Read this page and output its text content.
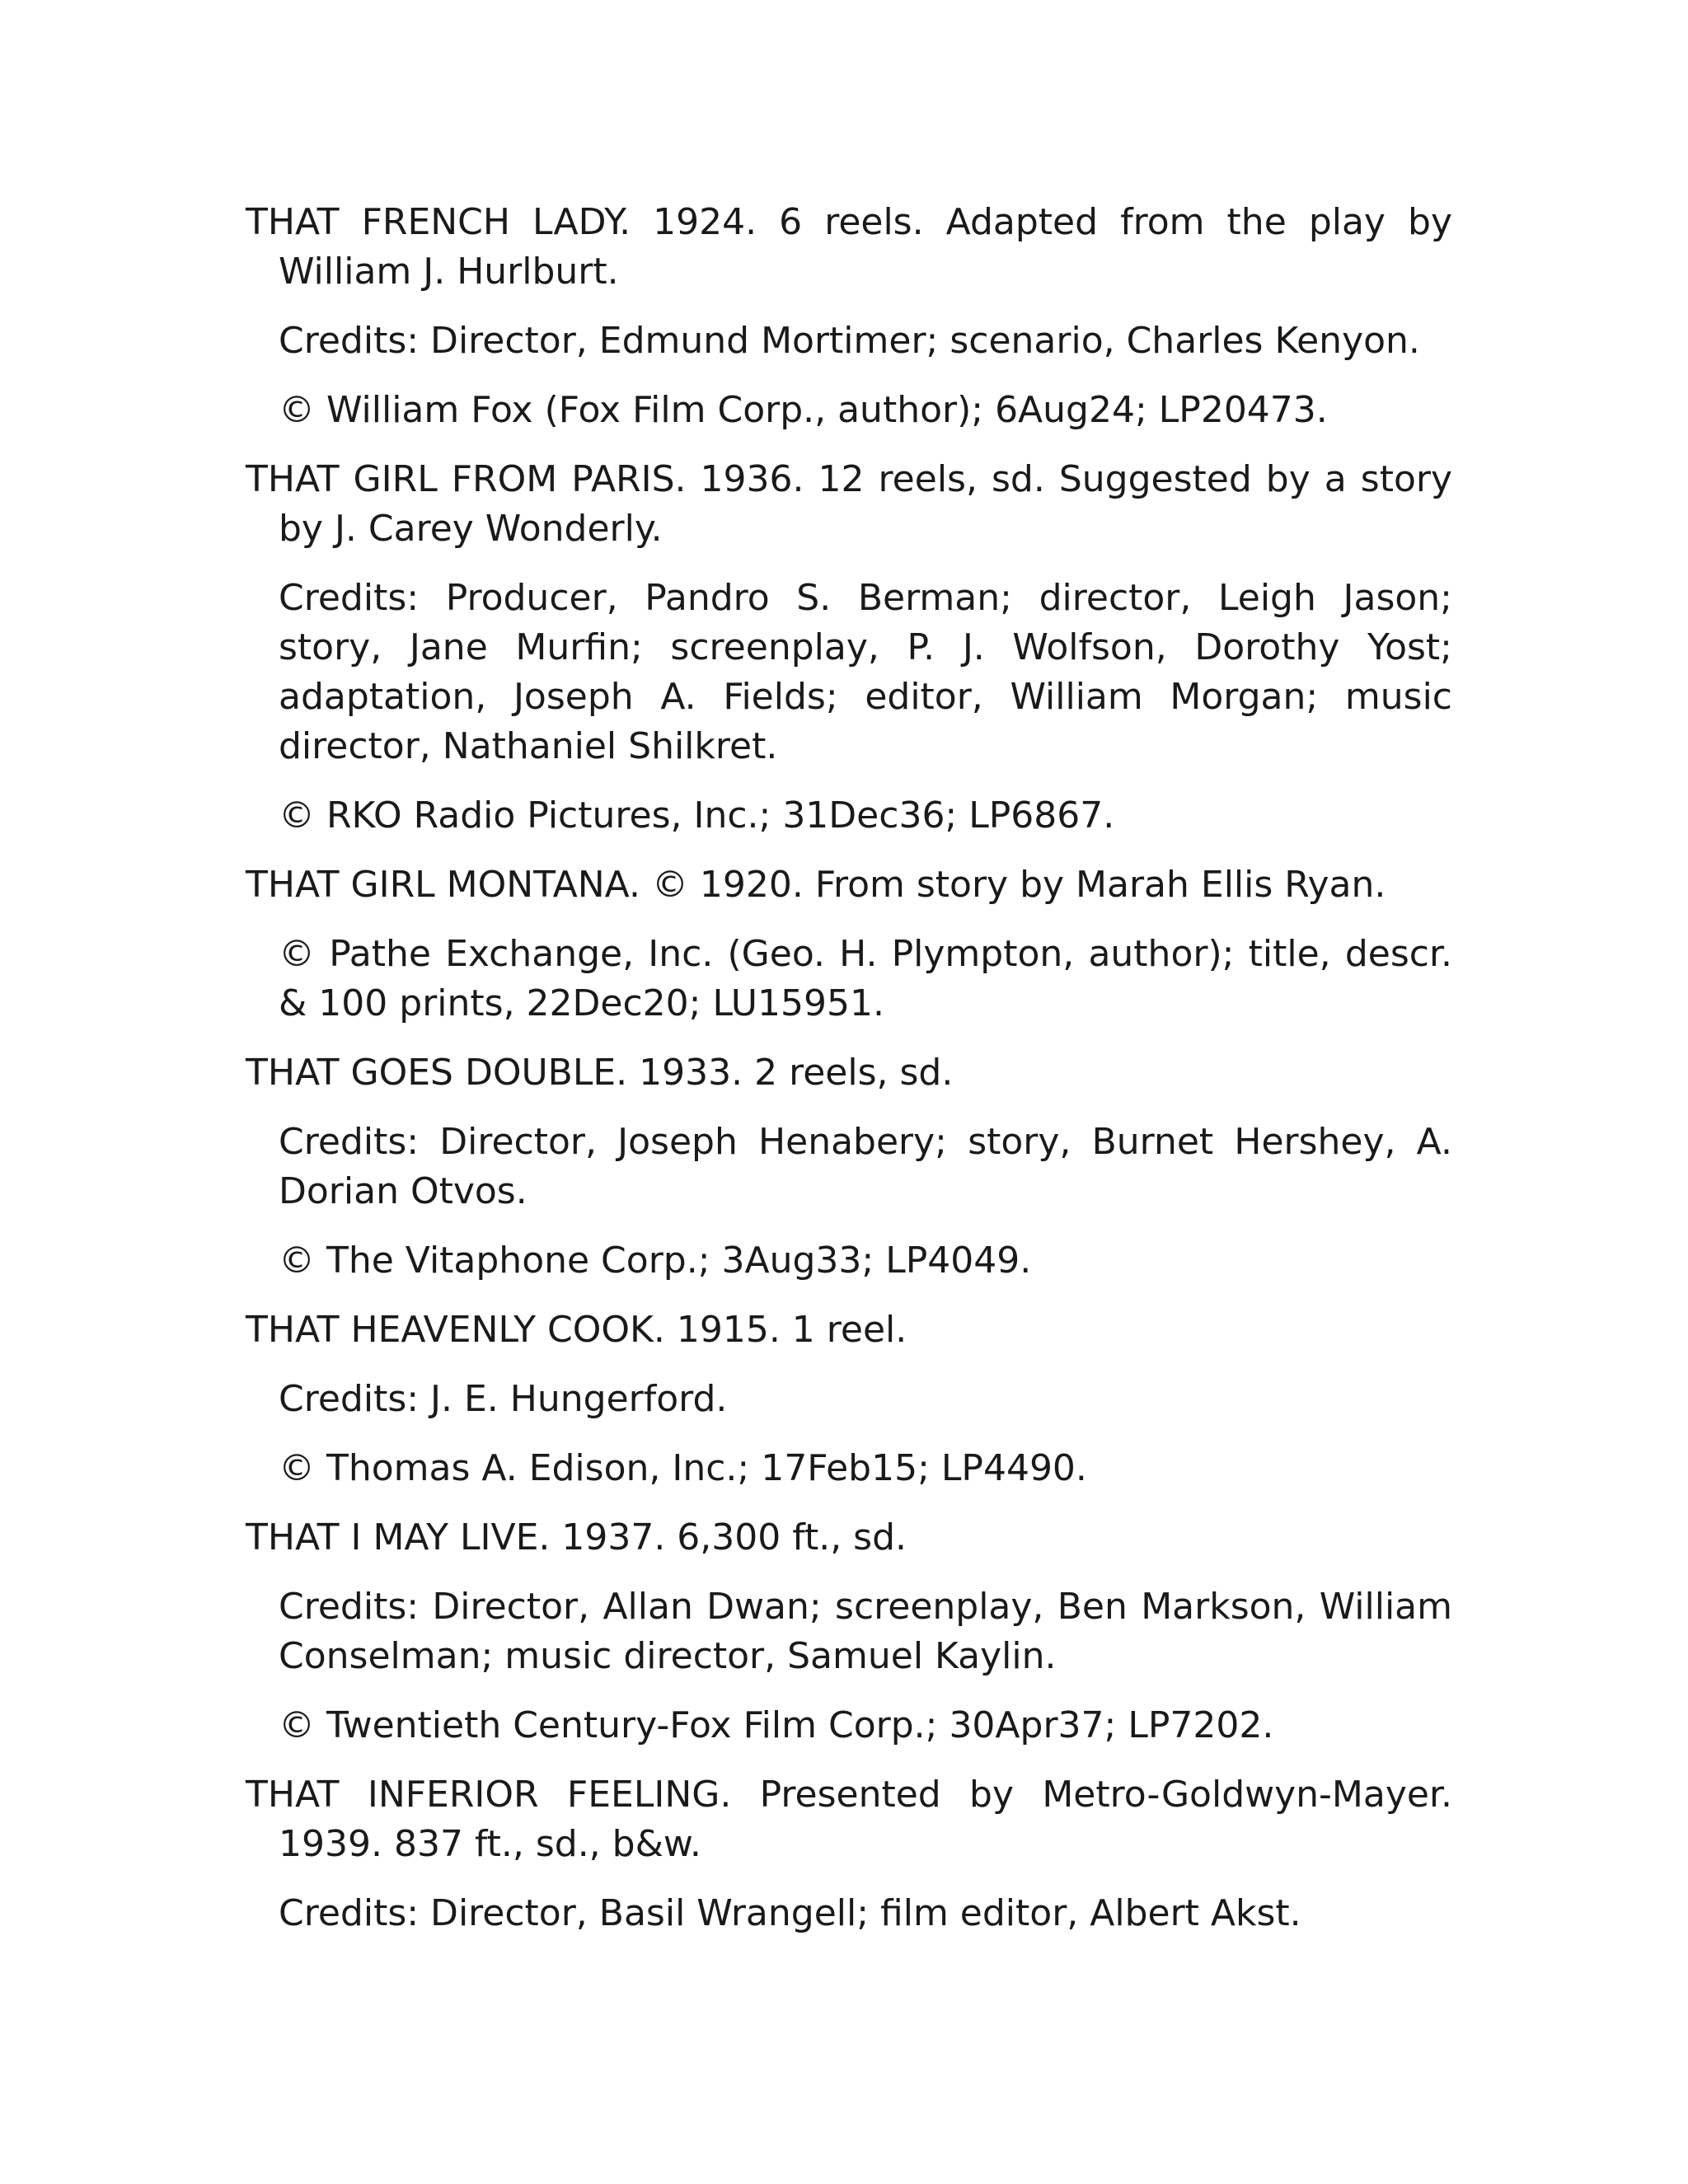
THAT FRENCH LADY. 1924. 6 reels. Adapted from the play by William J. Hurlburt.

Credits: Director, Edmund Mortimer; scenario, Charles Kenyon.

© William Fox (Fox Film Corp., author); 6Aug24; LP20473.

THAT GIRL FROM PARIS. 1936. 12 reels, sd. Suggested by a story by J. Carey Wonderly.

Credits: Producer, Pandro S. Berman; director, Leigh Jason; story, Jane Murfin; screenplay, P. J. Wolfson, Dorothy Yost; adaptation, Joseph A. Fields; editor, William Morgan; music director, Nathaniel Shilkret.

© RKO Radio Pictures, Inc.; 31Dec36; LP6867.

THAT GIRL MONTANA. © 1920. From story by Marah Ellis Ryan.

© Pathe Exchange, Inc. (Geo. H. Plympton, author); title, descr. & 100 prints, 22Dec20; LU15951.

THAT GOES DOUBLE. 1933. 2 reels, sd.

Credits: Director, Joseph Henabery; story, Burnet Hershey, A. Dorian Otvos.

© The Vitaphone Corp.; 3Aug33; LP4049.

THAT HEAVENLY COOK. 1915. 1 reel.

Credits: J. E. Hungerford.

© Thomas A. Edison, Inc.; 17Feb15; LP4490.

THAT I MAY LIVE. 1937. 6,300 ft., sd.

Credits: Director, Allan Dwan; screenplay, Ben Markson, William Conselman; music director, Samuel Kaylin.

© Twentieth Century-Fox Film Corp.; 30Apr37; LP7202.

THAT INFERIOR FEELING. Presented by Metro-Goldwyn-Mayer. 1939. 837 ft., sd., b&w.

Credits: Director, Basil Wrangell; film editor, Albert Akst.
